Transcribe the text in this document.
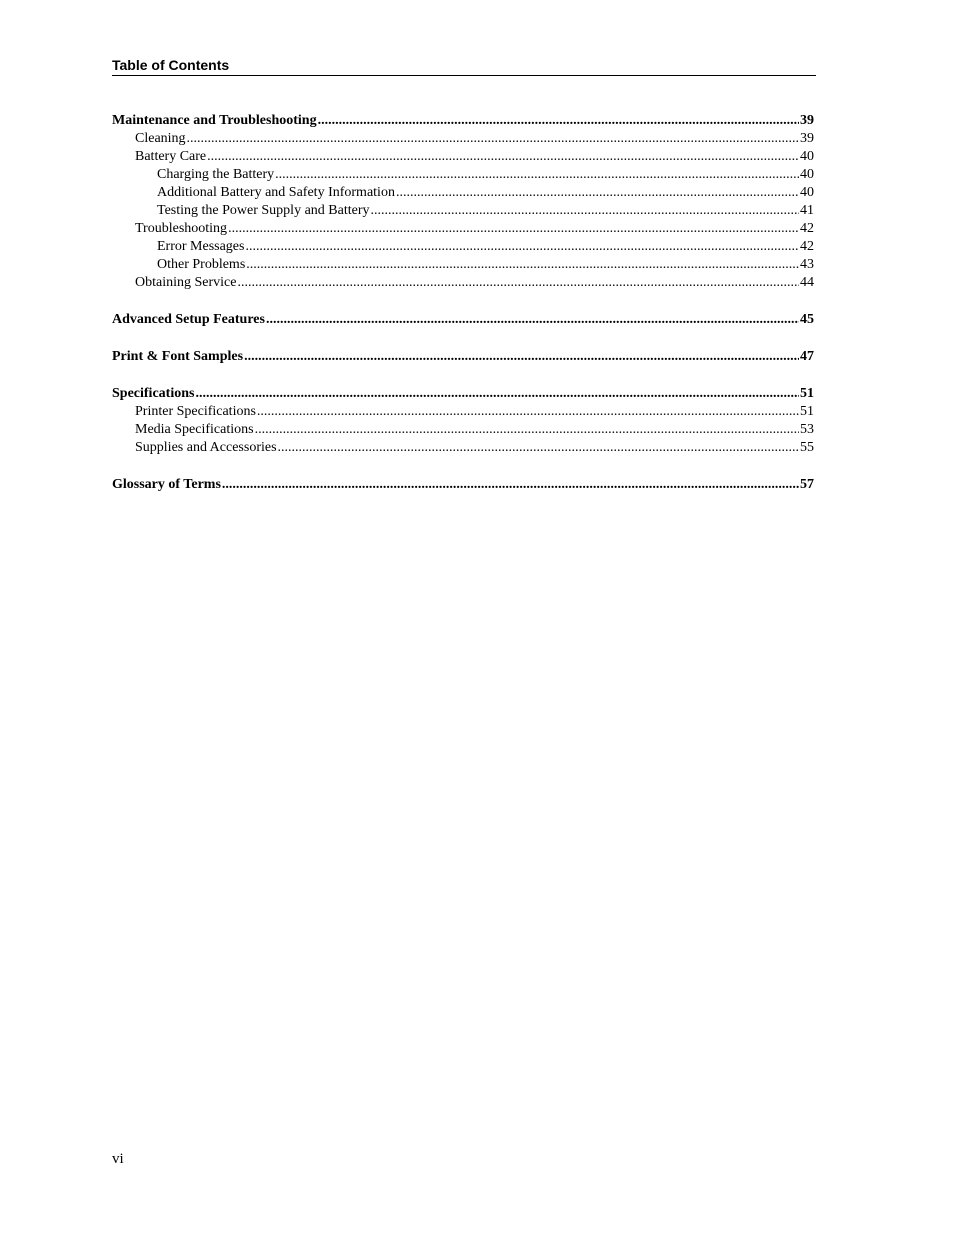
Table of Contents
Maintenance and Troubleshooting .....	39
Cleaning .....	39
Battery Care .....	40
Charging the Battery .....	40
Additional Battery and Safety Information .....	40
Testing the Power Supply and Battery .....	41
Troubleshooting .....	42
Error Messages .....	42
Other Problems .....	43
Obtaining Service .....	44
Advanced Setup Features .....	45
Print & Font Samples .....	47
Specifications .....	51
Printer Specifications .....	51
Media Specifications .....	53
Supplies and Accessories .....	55
Glossary of Terms .....	57
vi
